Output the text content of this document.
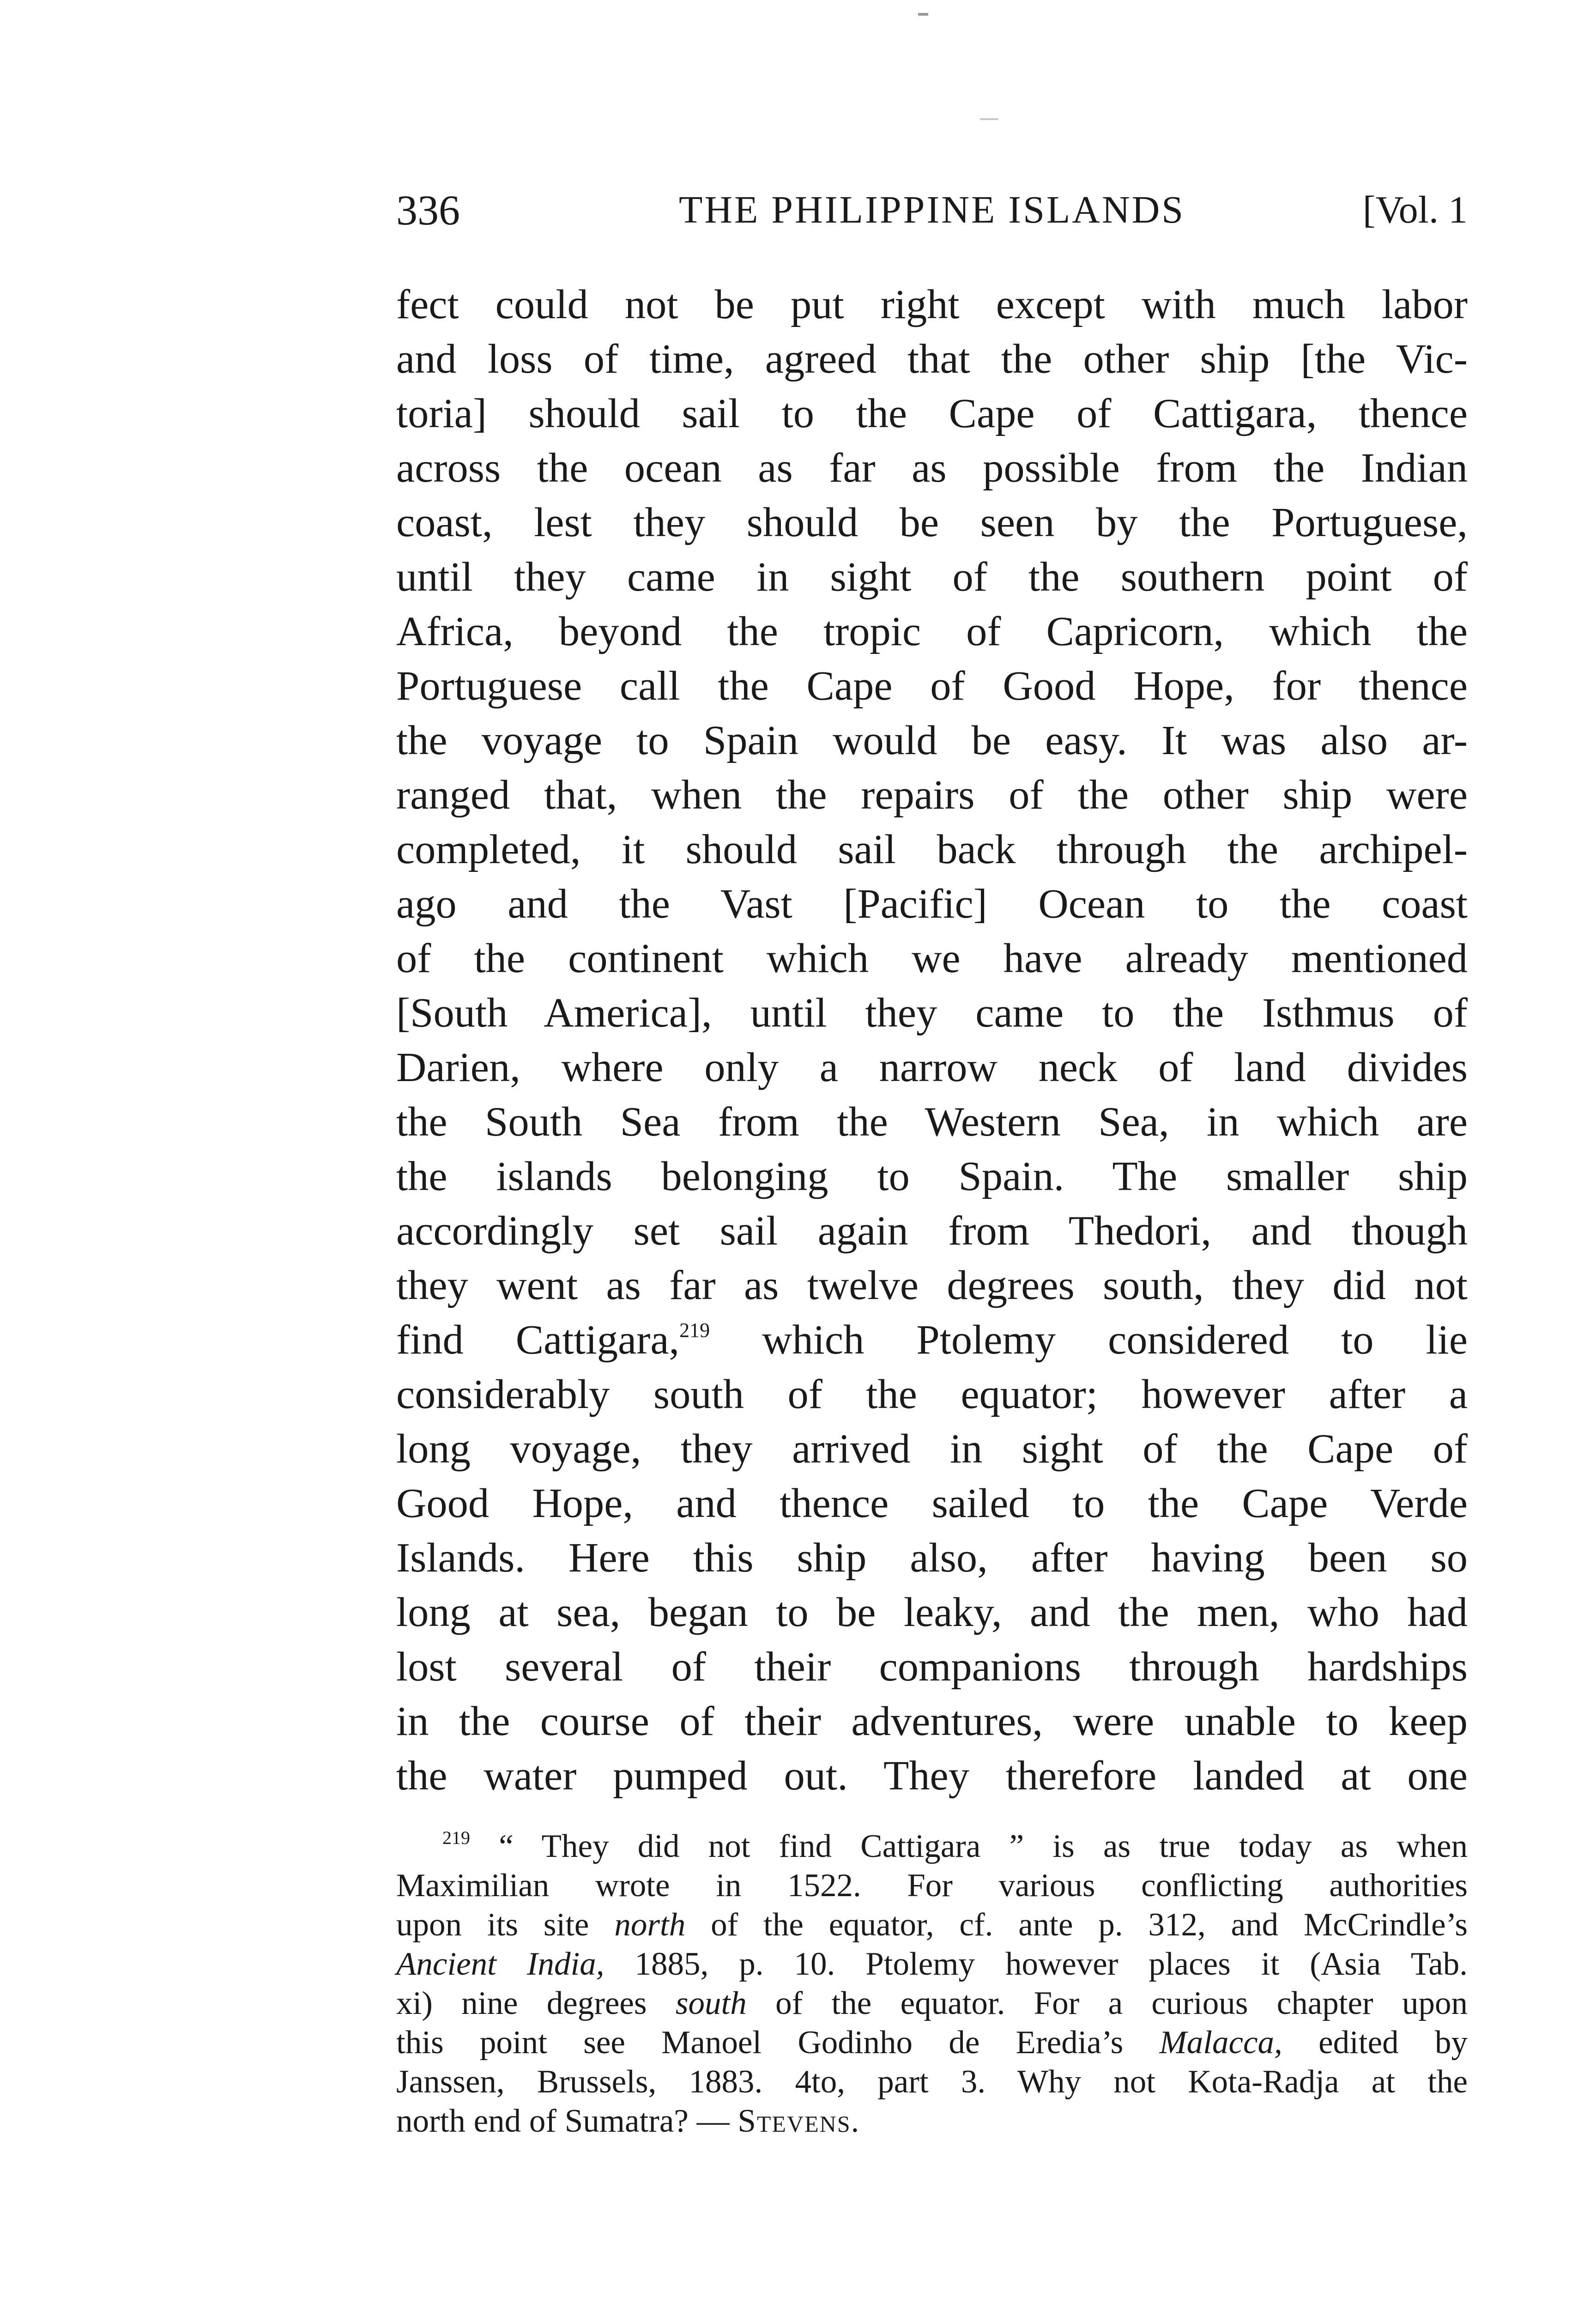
336	THE PHILIPPINE ISLANDS	[Vol. 1
fect could not be put right except with much labor
and loss of time, agreed that the other ship [the Vic-
toria] should sail to the Cape of Cattigara, thence
across the ocean as far as possible from the Indian
coast, lest they should be seen by the Portuguese,
until they came in sight of the southern point of
Africa, beyond the tropic of Capricorn, which the
Portuguese call the Cape of Good Hope, for thence
the voyage to Spain would be easy. It was also ar-
ranged that, when the repairs of the other ship were
completed, it should sail back through the archipel-
ago and the Vast [Pacific] Ocean to the coast
of the continent which we have already mentioned
[South America], until they came to the Isthmus of
Darien, where only a narrow neck of land divides
the South Sea from the Western Sea, in which are
the islands belonging to Spain. The smaller ship
accordingly set sail again from Thedori, and though
they went as far as twelve degrees south, they did not
find Cattigara,$^{219}$ which Ptolemy considered to lie
considerably south of the equator; however after a
long voyage, they arrived in sight of the Cape of
Good Hope, and thence sailed to the Cape Verde
Islands. Here this ship also, after having been so
long at sea, began to be leaky, and the men, who had
lost several of their companions through hardships
in the course of their adventures, were unable to keep
the water pumped out. They therefore landed at one
$^{219}$ “ They did not find Cattigara ” is as true today as when
Maximilian wrote in 1522. For various conflicting authorities
upon its site north of the equator, cf. ante p. 312, and McCrindle’s
Ancient India, 1885, p. 10. Ptolemy however places it (Asia Tab.
xi) nine degrees south of the equator. For a curious chapter upon
this point see Manoel Godinho de Eredia’s Malacca, edited by
Janssen, Brussels, 1883. 4to, part 3. Why not Kota-Radja at the
north end of Sumatra? — Stevens.
